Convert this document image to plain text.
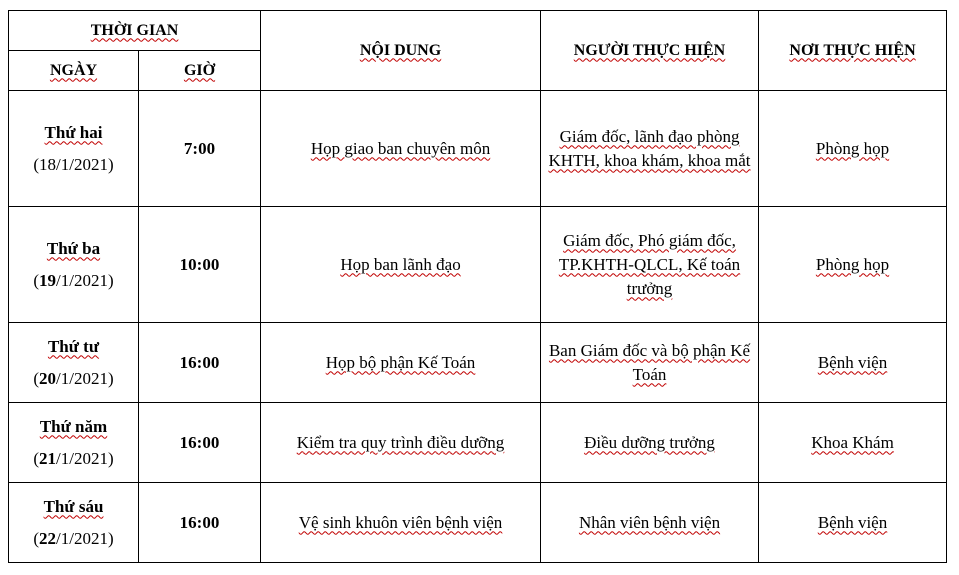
THỜI GIAN		NỘI DUNG	NGƯỜI THỰC HIỆN	NƠI THỰC HIỆN
NGÀY	GIỜ			

Thứ hai
(18/1/2021)	7:00	Họp giao ban chuyên môn	Giám đốc, lãnh đạo phòng KHTH, khoa khám, khoa mắt	Phòng họp

Thứ ba
(19/1/2021)	10:00	Họp ban lãnh đạo	Giám đốc, Phó giám đốc, TP.KHTH-QLCL, Kế toán trưởng	Phòng họp

Thứ tư
(20/1/2021)	16:00	Họp bộ phận Kế Toán	Ban Giám đốc và bộ phận Kế Toán	Bệnh viện

Thứ năm
(21/1/2021)	16:00	Kiểm tra quy trình điều dưỡng	Điều dưỡng trưởng	Khoa Khám

Thứ sáu
(22/1/2021)	16:00	Vệ sinh khuôn viên bệnh viện	Nhân viên bệnh viện	Bệnh viện
